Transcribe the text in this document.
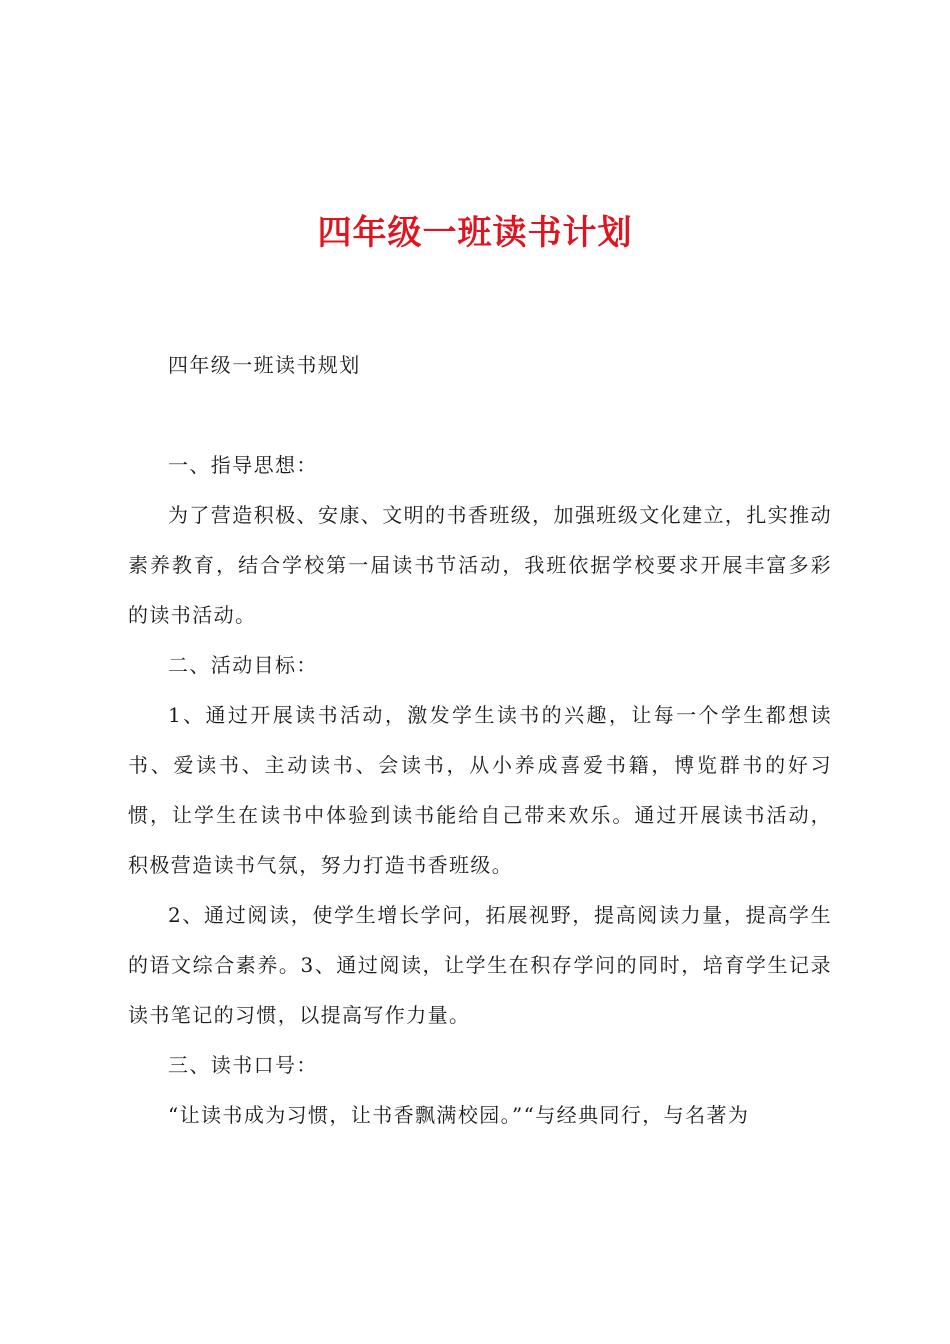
四年级一班读书计划

四年级一班读书规划

一、指导思想：

为了营造积极、安康、文明的书香班级，加强班级文化建立，扎实推动素养教育，结合学校第一届读书节活动，我班依据学校要求开展丰富多彩的读书活动。

二、活动目标：

1、通过开展读书活动，激发学生读书的兴趣，让每一个学生都想读书、爱读书、主动读书、会读书，从小养成喜爱书籍，博览群书的好习惯，让学生在读书中体验到读书能给自己带来欢乐。通过开展读书活动，积极营造读书气氛，努力打造书香班级。

2、通过阅读，使学生增长学问，拓展视野，提高阅读力量，提高学生的语文综合素养。3、通过阅读，让学生在积存学问的同时，培育学生记录读书笔记的习惯，以提高写作力量。

三、读书口号：

“让读书成为习惯，让书香飘满校园。”“与经典同行，与名著为
